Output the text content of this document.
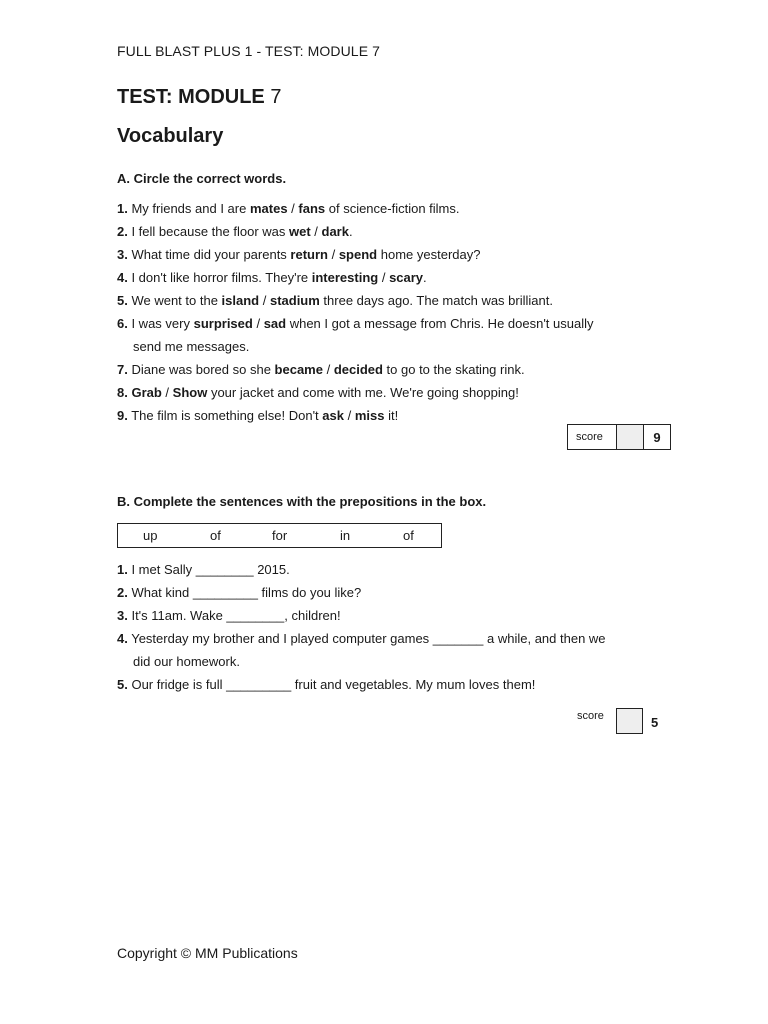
FULL BLAST PLUS 1 - TEST: MODULE 7
TEST: MODULE 7
Vocabulary
A. Circle the correct words.
1. My friends and I are mates / fans of science-fiction films.
2. I fell because the floor was wet / dark.
3. What time did your parents return / spend home yesterday?
4. I don't like horror films. They're interesting / scary.
5. We went to the island / stadium three days ago. The match was brilliant.
6. I was very surprised / sad when I got a message from Chris. He doesn't usually
send me messages.
7. Diane was bored so she became / decided to go to the skating rink.
8. Grab / Show your jacket and come with me. We're going shopping!
9. The film is something else! Don't ask / miss it!
score	9
B. Complete the sentences with the prepositions in the box.
up	of	for	in	of
1. I met Sally ________ 2015.
2. What kind _________ films do you like?
3. It's 11am. Wake ________, children!
4. Yesterday my brother and I played computer games _______ a while, and then we
did our homework.
5. Our fridge is full _________ fruit and vegetables. My mum loves them!
score	5
Copyright © MM Publications
